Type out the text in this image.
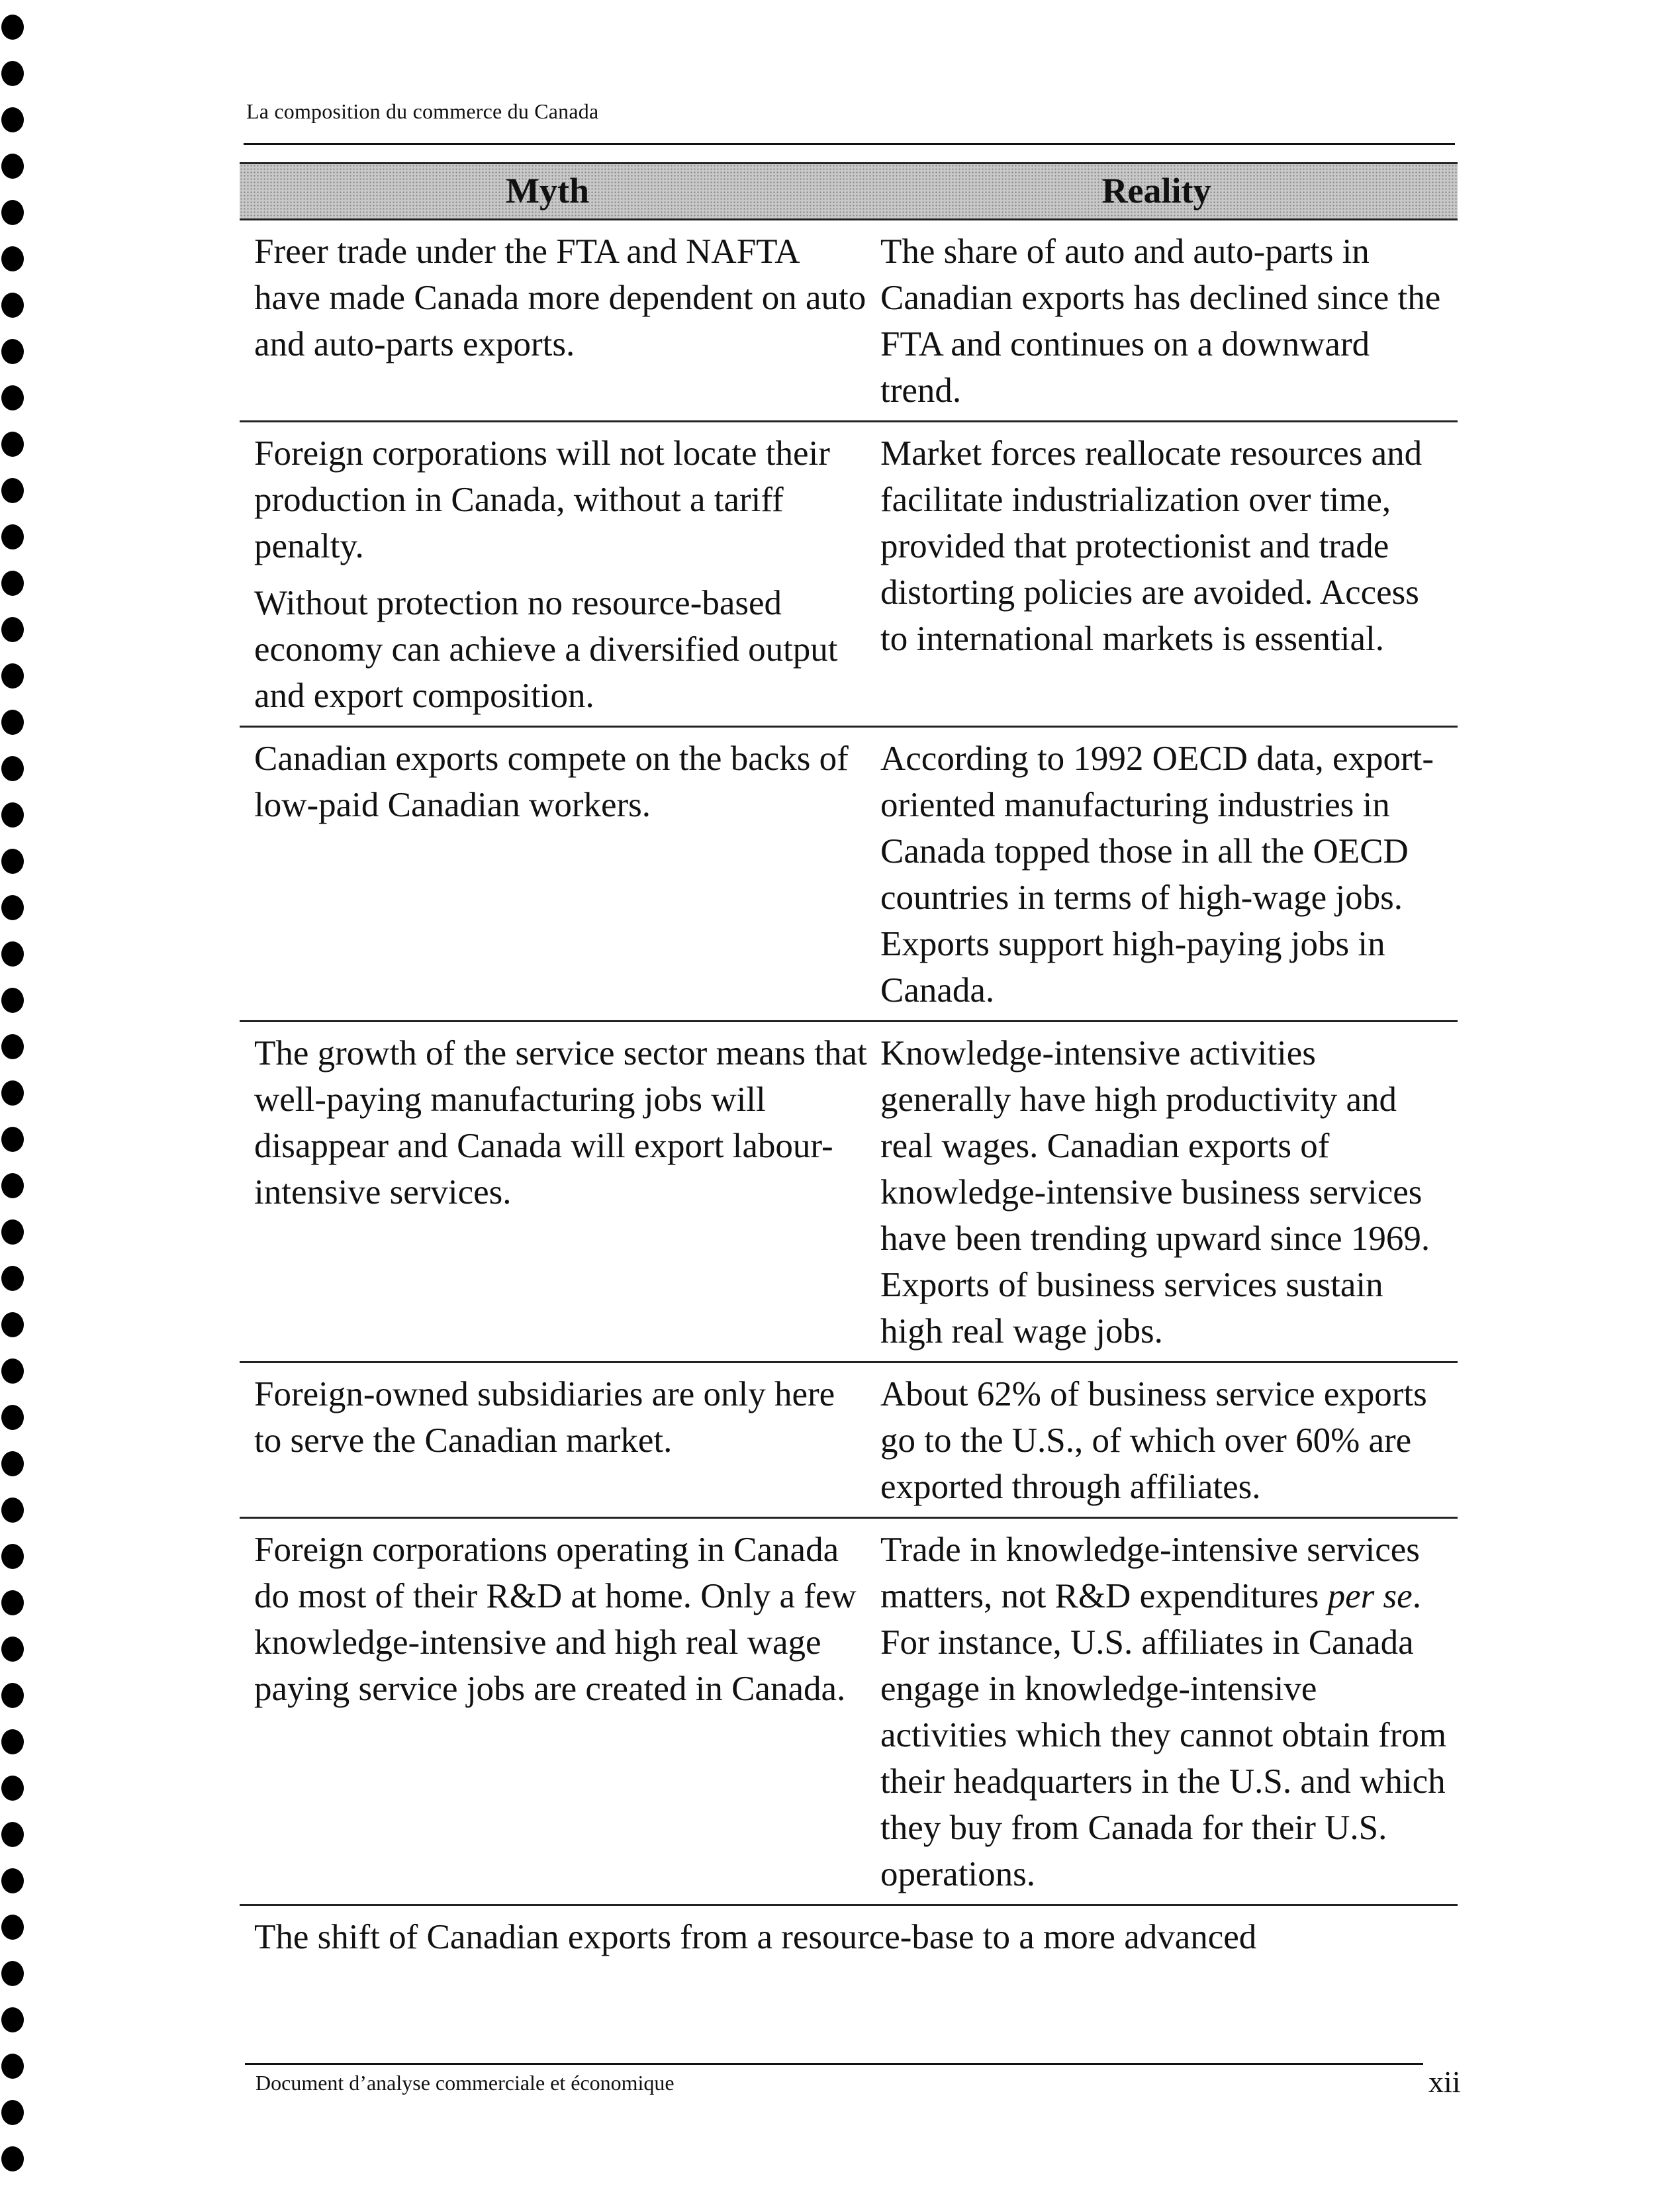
La composition du commerce du Canada
Myth	Reality

Freer trade under the FTA and NAFTA have made Canada more dependent on auto and auto-parts exports.

The share of auto and auto-parts in Canadian exports has declined since the FTA and continues on a downward trend.

Foreign corporations will not locate their production in Canada, without a tariff penalty.

Without protection no resource-based economy can achieve a diversified output and export composition.

Market forces reallocate resources and facilitate industrialization over time, provided that protectionist and trade distorting policies are avoided. Access to international markets is essential.

Canadian exports compete on the backs of low-paid Canadian workers.

According to 1992 OECD data, export-oriented manufacturing industries in Canada topped those in all the OECD countries in terms of high-wage jobs. Exports support high-paying jobs in Canada.

The growth of the service sector means that well-paying manufacturing jobs will disappear and Canada will export labour-intensive services.

Knowledge-intensive activities generally have high productivity and real wages. Canadian exports of knowledge-intensive business services have been trending upward since 1969. Exports of business services sustain high real wage jobs.

Foreign-owned subsidiaries are only here to serve the Canadian market.

About 62% of business service exports go to the U.S., of which over 60% are exported through affiliates.

Foreign corporations operating in Canada do most of their R&D at home. Only a few knowledge-intensive and high real wage paying service jobs are created in Canada.

Trade in knowledge-intensive services matters, not R&D expenditures per se. For instance, U.S. affiliates in Canada engage in knowledge-intensive activities which they cannot obtain from their headquarters in the U.S. and which they buy from Canada for their U.S. operations.

The shift of Canadian exports from a resource-base to a more advanced
Document d’analyse commerciale et économique	xii
